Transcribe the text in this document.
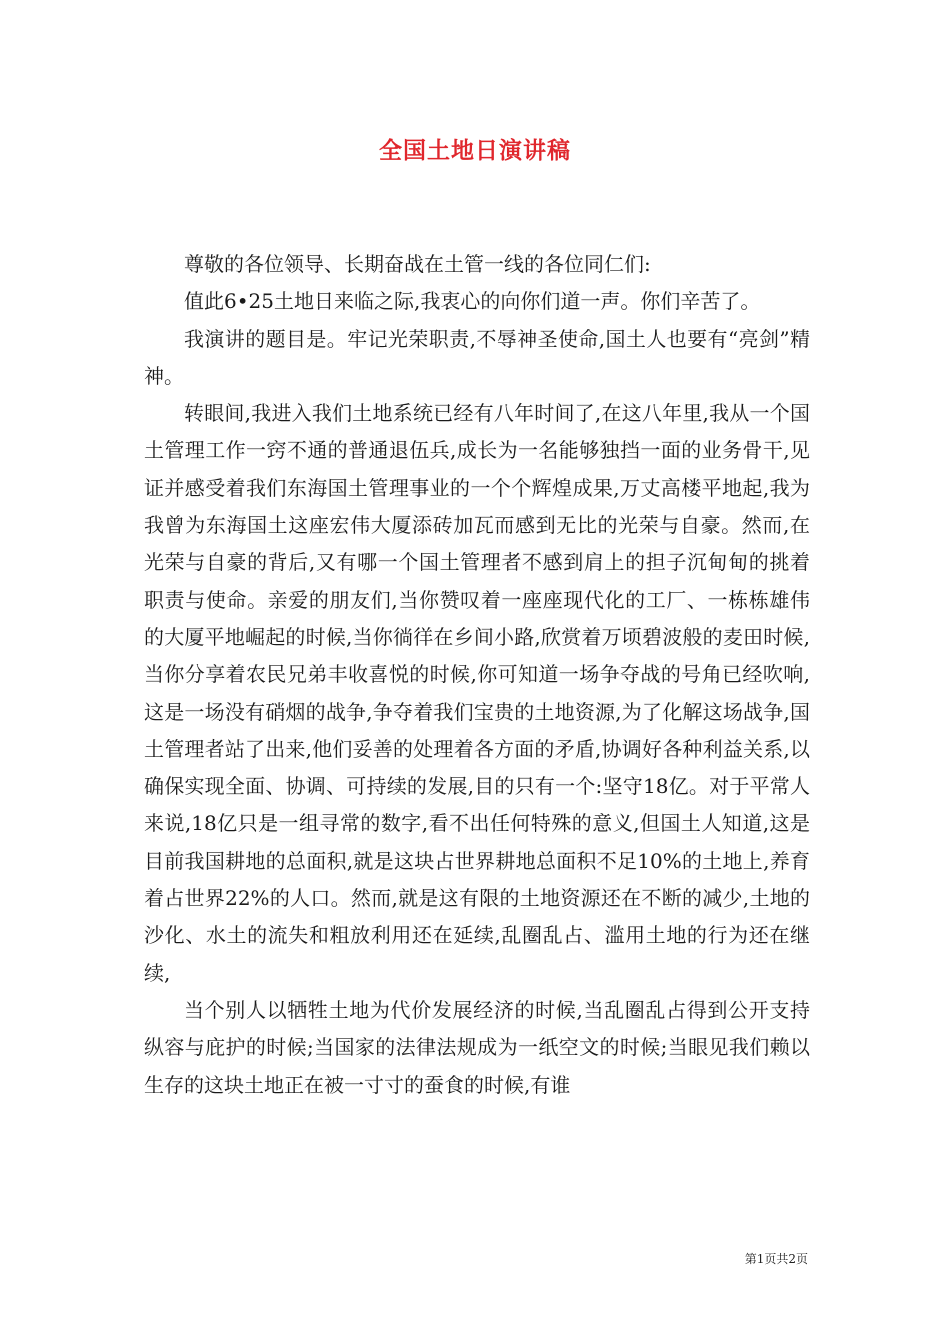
全国土地日演讲稿

尊敬的各位领导、长期奋战在土管一线的各位同仁们:

值此6•25土地日来临之际,我衷心的向你们道一声。你们辛苦了。

我演讲的题目是。牢记光荣职责,不辱神圣使命,国土人也要有“亮剑”精神。

转眼间,我进入我们土地系统已经有八年时间了,在这八年里,我从一个国土管理工作一窍不通的普通退伍兵,成长为一名能够独挡一面的业务骨干,见证并感受着我们东海国土管理事业的一个个辉煌成果,万丈高楼平地起,我为我曾为东海国土这座宏伟大厦添砖加瓦而感到无比的光荣与自豪。然而,在光荣与自豪的背后,又有哪一个国土管理者不感到肩上的担子沉甸甸的挑着职责与使命。亲爱的朋友们,当你赞叹着一座座现代化的工厂、一栋栋雄伟的大厦平地崛起的时候,当你徜徉在乡间小路,欣赏着万顷碧波般的麦田时候,当你分享着农民兄弟丰收喜悦的时候,你可知道一场争夺战的号角已经吹响,这是一场没有硝烟的战争,争夺着我们宝贵的土地资源,为了化解这场战争,国土管理者站了出来,他们妥善的处理着各方面的矛盾,协调好各种利益关系,以确保实现全面、协调、可持续的发展,目的只有一个:坚守18亿。对于平常人来说,18亿只是一组寻常的数字,看不出任何特殊的意义,但国土人知道,这是目前我国耕地的总面积,就是这块占世界耕地总面积不足10%的土地上,养育着占世界22%的人口。然而,就是这有限的土地资源还在不断的减少,土地的沙化、水土的流失和粗放利用还在延续,乱圈乱占、滥用土地的行为还在继续,

当个别人以牺牲土地为代价发展经济的时候,当乱圈乱占得到公开支持纵容与庇护的时候;当国家的法律法规成为一纸空文的时候;当眼见我们赖以生存的这块土地正在被一寸寸的蚕食的时候,有谁

第1页共2页
